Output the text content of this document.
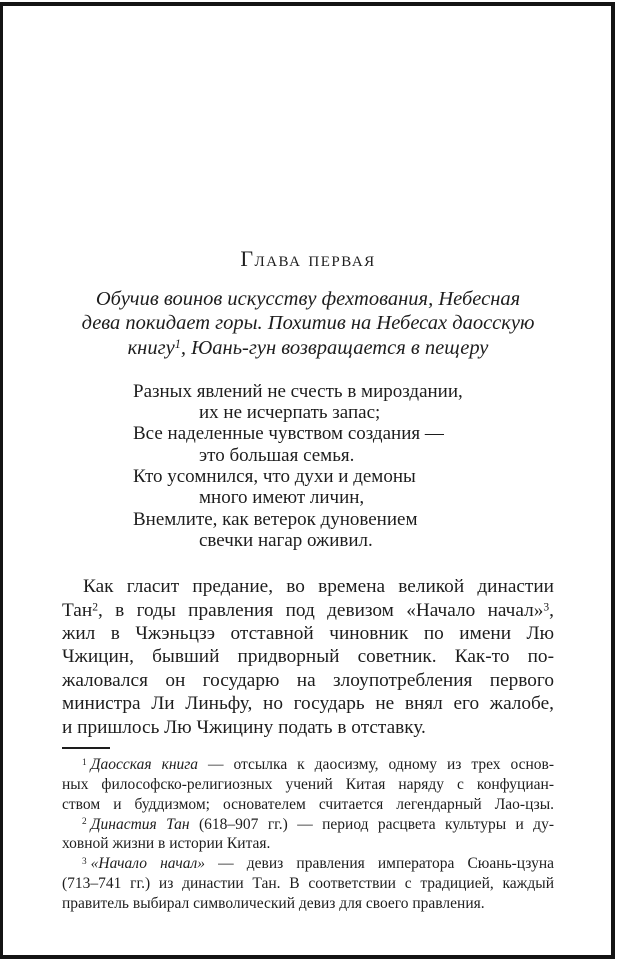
Глава первая
Обучив воинов искусству фехтования, Небесная
дева покидает горы. Похитив на Небесах даосскую
книгу$^1$, Юань-гун возвращается в пещеру
Разных явлений не счесть в мироздании,
их не исчерпать запас;
Все наделенные чувством создания —
это большая семья.
Кто усомнился, что духи и демоны
много имеют личин,
Внемлите, как ветерок дуновением
свечки нагар оживил.
Как гласит предание, во времена великой династии
Тан$^2$, в годы правления под девизом «Начало начал»$^3$,
жил в Чжэньцзэ отставной чиновник по имени Лю
Чжицин, бывший придворный советник. Как-то по-
жаловался он государю на злоупотребления первого
министра Ли Линьфу, но государь не внял его жалобе,
и пришлось Лю Чжицину подать в отставку.
$^1$ Даосская книга — отсылка к даосизму, одному из трех основ-
ных философско-религиозных учений Китая наряду с конфуциан-
ством и буддизмом; основателем считается легендарный Лао-цзы.
$^2$ Династия Тан (618–907 гг.) — период расцвета культуры и ду-
ховной жизни в истории Китая.
$^3$ «Начало начал» — девиз правления императора Сюань-цзуна
(713–741 гг.) из династии Тан. В соответствии с традицией, каждый
правитель выбирал символический девиз для своего правления.
